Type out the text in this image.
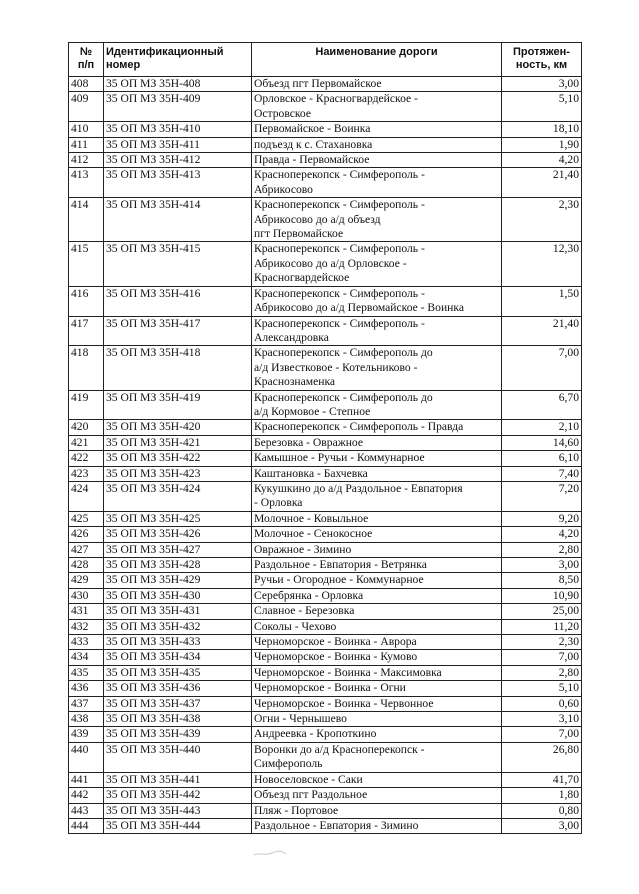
№
п/п	Идентификационный
номер	Наименование дороги	Протяжен-
ность, км
408	35 ОП МЗ 35Н-408	Объезд пгт Первомайское	3,00
409	35 ОП МЗ 35Н-409	Орловское - Красногвардейское -
Островское	5,10
410	35 ОП МЗ 35Н-410	Первомайское - Воинка	18,10
411	35 ОП МЗ 35Н-411	подъезд к с. Стахановка	1,90
412	35 ОП МЗ 35Н-412	Правда - Первомайское	4,20
413	35 ОП МЗ 35Н-413	Красноперекопск - Симферополь -
Абрикосово	21,40
414	35 ОП МЗ 35Н-414	Красноперекопск - Симферополь -
Абрикосово до а/д объезд
пгт Первомайское	2,30
415	35 ОП МЗ 35Н-415	Красноперекопск - Симферополь -
Абрикосово до а/д Орловское -
Красногвардейское	12,30
416	35 ОП МЗ 35Н-416	Красноперекопск - Симферополь -
Абрикосово до а/д Первомайское - Воинка	1,50
417	35 ОП МЗ 35Н-417	Красноперекопск - Симферополь -
Александровка	21,40
418	35 ОП МЗ 35Н-418	Красноперекопск - Симферополь до
а/д Известковое - Котельниково -
Краснознаменка	7,00
419	35 ОП МЗ 35Н-419	Красноперекопск - Симферополь до
а/д Кормовое - Степное	6,70
420	35 ОП МЗ 35Н-420	Красноперекопск - Симферополь - Правда	2,10
421	35 ОП МЗ 35Н-421	Березовка - Овражное	14,60
422	35 ОП МЗ 35Н-422	Камышное - Ручьи - Коммунарное	6,10
423	35 ОП МЗ 35Н-423	Каштановка - Бахчевка	7,40
424	35 ОП МЗ 35Н-424	Кукушкино до а/д Раздольное - Евпатория
- Орловка	7,20
425	35 ОП МЗ 35Н-425	Молочное - Ковыльное	9,20
426	35 ОП МЗ 35Н-426	Молочное - Сенокосное	4,20
427	35 ОП МЗ 35Н-427	Овражное - Зимино	2,80
428	35 ОП МЗ 35Н-428	Раздольное - Евпатория - Ветрянка	3,00
429	35 ОП МЗ 35Н-429	Ручьи - Огородное - Коммунарное	8,50
430	35 ОП МЗ 35Н-430	Серебрянка - Орловка	10,90
431	35 ОП МЗ 35Н-431	Славное - Березовка	25,00
432	35 ОП МЗ 35Н-432	Соколы - Чехово	11,20
433	35 ОП МЗ 35Н-433	Черноморское - Воинка - Аврора	2,30
434	35 ОП МЗ 35Н-434	Черноморское - Воинка - Кумово	7,00
435	35 ОП МЗ 35Н-435	Черноморское - Воинка - Максимовка	2,80
436	35 ОП МЗ 35Н-436	Черноморское - Воинка - Огни	5,10
437	35 ОП МЗ 35Н-437	Черноморское - Воинка - Червонное	0,60
438	35 ОП МЗ 35Н-438	Огни - Чернышево	3,10
439	35 ОП МЗ 35Н-439	Андреевка - Кропоткино	7,00
440	35 ОП МЗ 35Н-440	Воронки до а/д Красноперекопск -
Симферополь	26,80
441	35 ОП МЗ 35Н-441	Новоселовское - Саки	41,70
442	35 ОП МЗ 35Н-442	Объезд пгт Раздольное	1,80
443	35 ОП МЗ 35Н-443	Пляж - Портовое	0,80
444	35 ОП МЗ 35Н-444	Раздольное - Евпатория - Зимино	3,00
